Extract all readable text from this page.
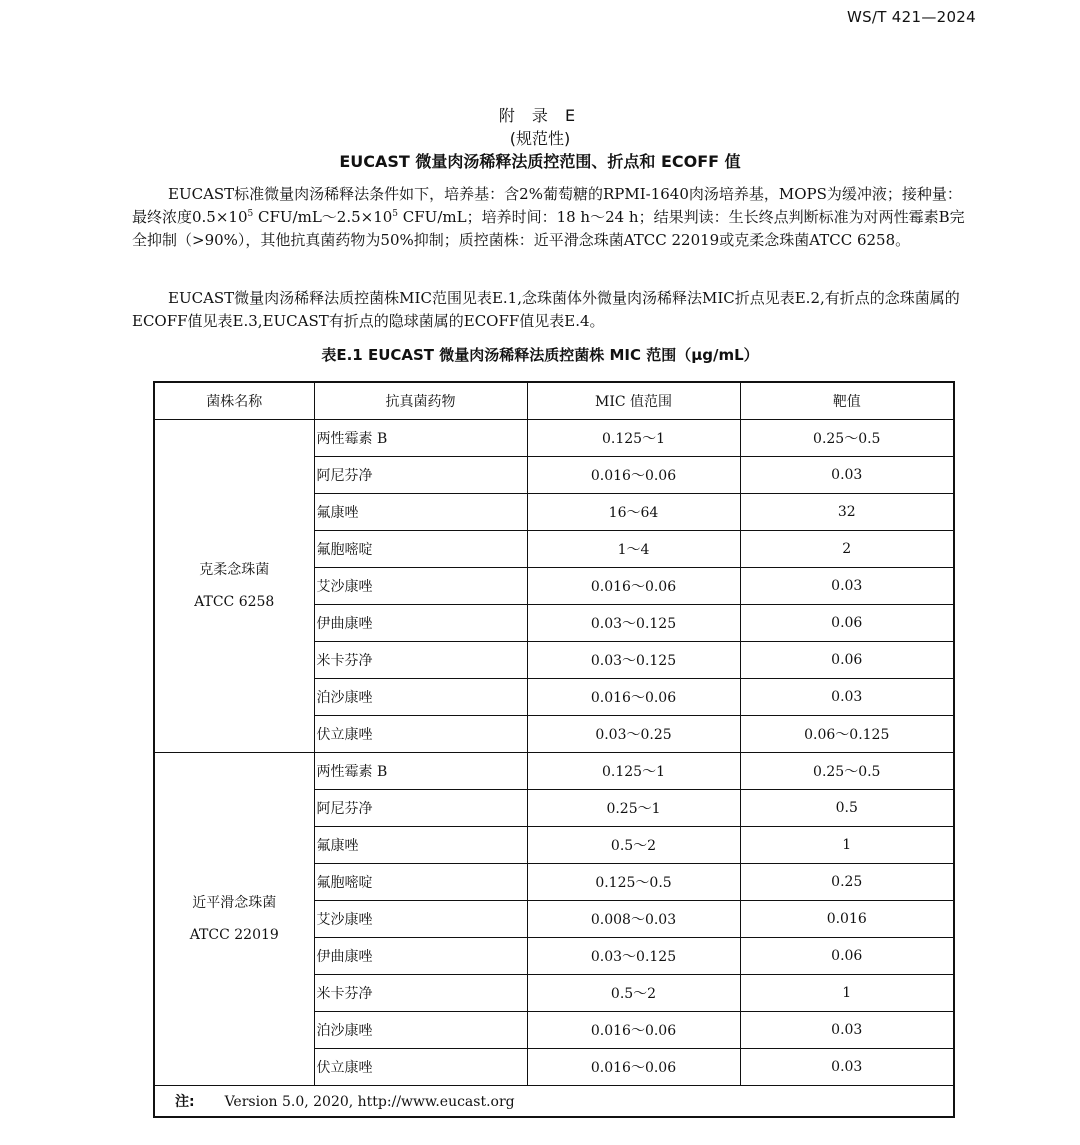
WS/T 421—2024
附 录 E
(规范性)
EUCAST 微量肉汤稀释法质控范围、折点和 ECOFF 值

EUCAST标准微量肉汤稀释法条件如下，培养基：含2%葡萄糖的RPMI-1640肉汤培养基，MOPS为缓冲液；接种量：最终浓度$0.5\times 10^5$ CFU/$mL\sim 2.5\times 10^5$ CFU/mL；培养时间：18 h～24 h；结果判读：生长终点判断标准为对两性霉素B完全抑制（>90%），其他抗真菌药物为50%抑制；质控菌株：近平滑念珠菌ATCC 22019或克柔念珠菌ATCC 6258。

EUCAST微量肉汤稀释法质控菌株MIC范围见表E.1,念珠菌体外微量肉汤稀释法MIC折点见表E.2,有折点的念珠菌属的ECOFF值见表E.3,EUCAST有折点的隐球菌属的ECOFF值见表E.4。

表E.1 EUCAST 微量肉汤稀释法质控菌株 MIC 范围（μg/mL）
菌株名称	抗真菌药物	MIC 值范围	靶值

克柔念珠菌
ATCC 6258	两性霉素 B	0.125～1	0.25～0.5
	阿尼芬净	0.016～0.06	0.03
	氟康唑	16～64	32
	氟胞嘧啶	1～4	2
	艾沙康唑	0.016～0.06	0.03
	伊曲康唑	0.03～0.125	0.06
	米卡芬净	0.03～0.125	0.06
	泊沙康唑	0.016～0.06	0.03
	伏立康唑	0.03～0.25	0.06～0.125

近平滑念珠菌
ATCC 22019	两性霉素 B	0.125～1	0.25～0.5
	阿尼芬净	0.25～1	0.5
	氟康唑	0.5～2	1
	氟胞嘧啶	0.125～0.5	0.25
	艾沙康唑	0.008～0.03	0.016
	伊曲康唑	0.03～0.125	0.06
	米卡芬净	0.5～2	1
	泊沙康唑	0.016～0.06	0.03
	伏立康唑	0.016～0.06	0.03
注: Version 5.0, 2020, http://www.eucast.org			
